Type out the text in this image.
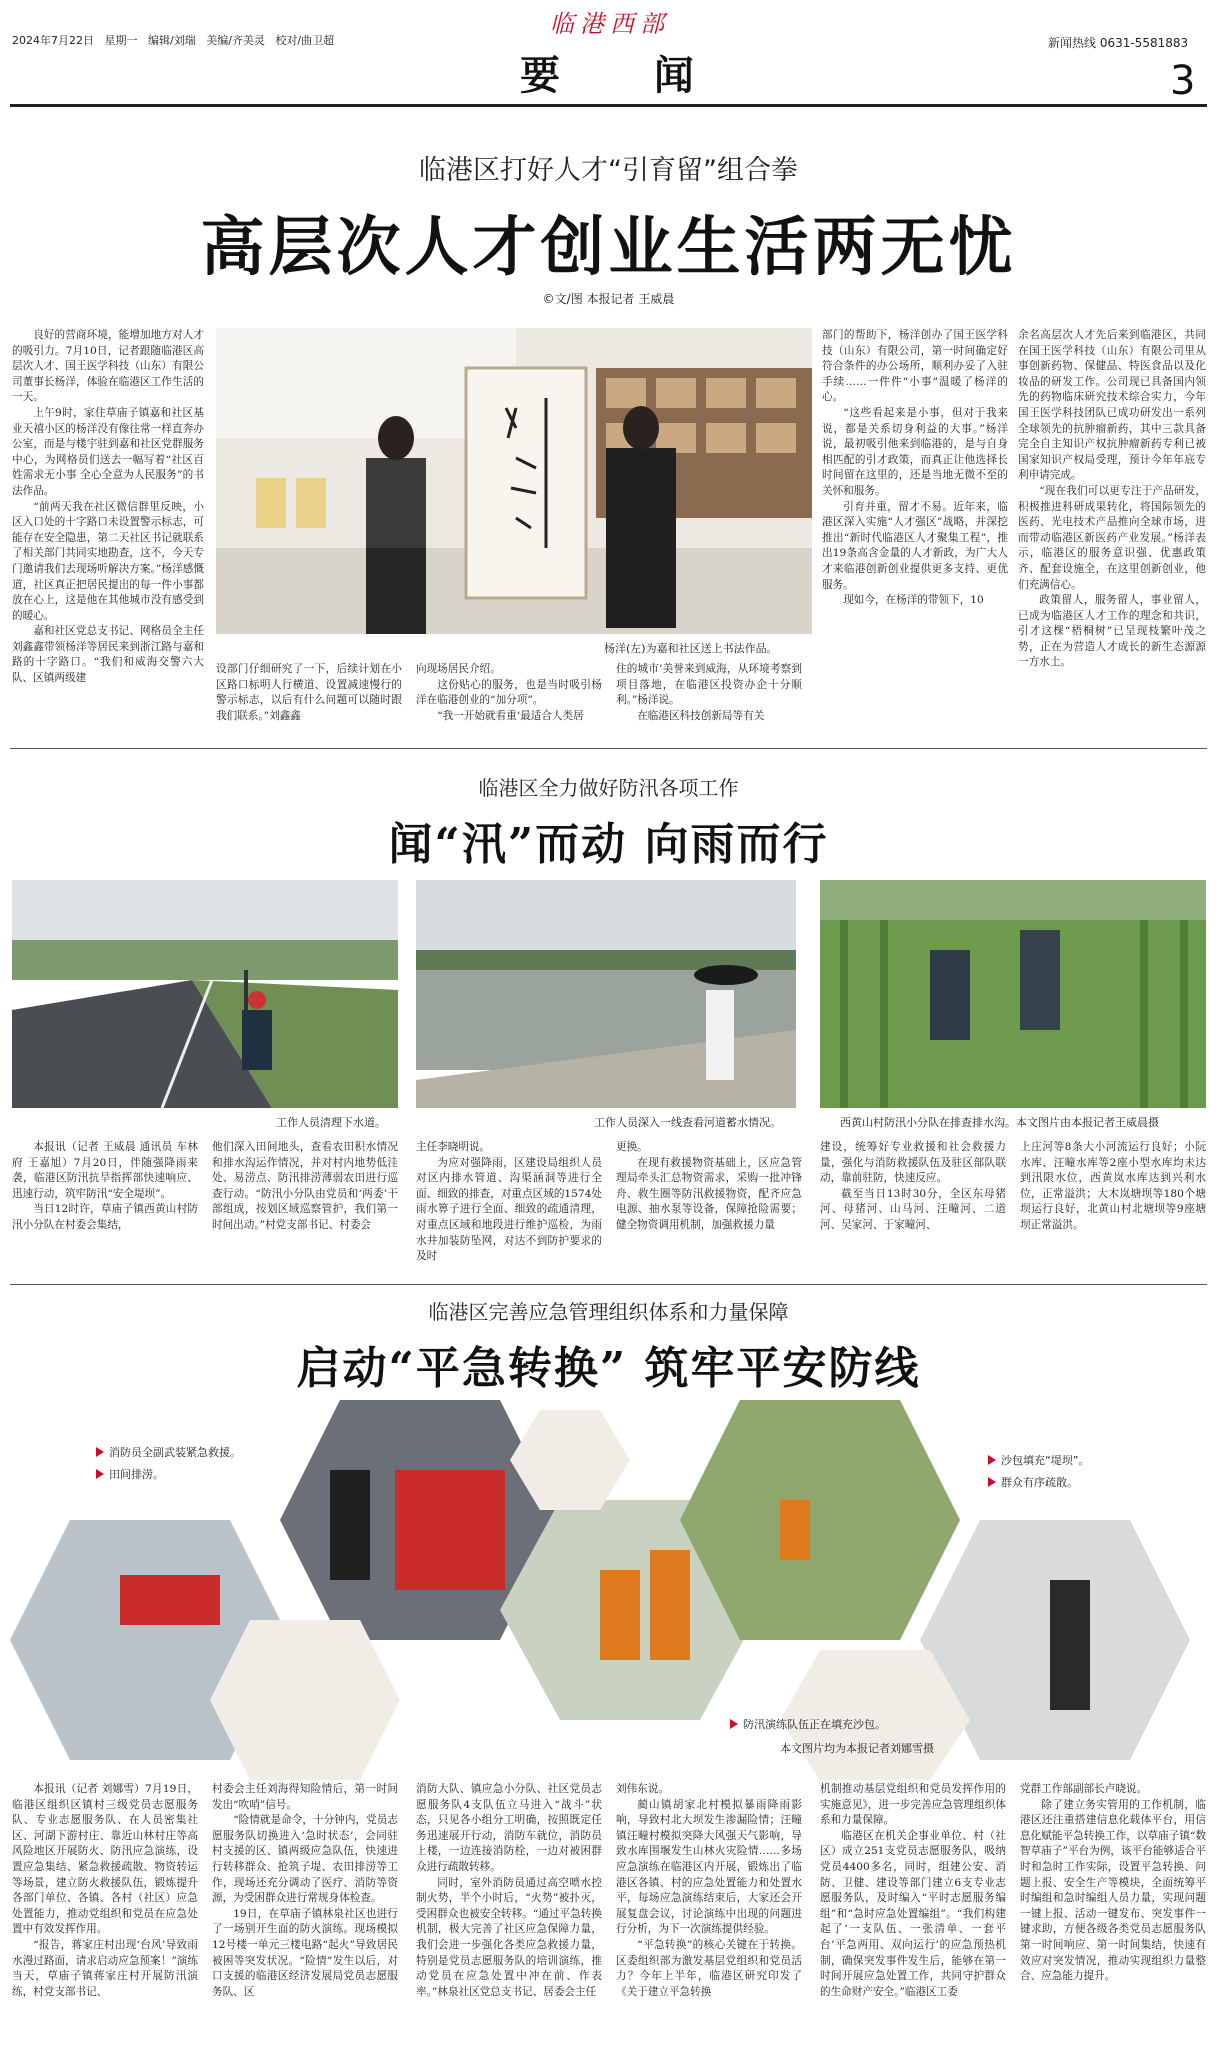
临港西部
2024年7月22日 星期一 编辑/刘瑞 美编/齐美灵 校对/曲卫超
要 闻
新闻热线 0631-5581883
3
临港区打好人才“引育留”组合拳
高层次人才创业生活两无忧
©文/图 本报记者 王威晨

良好的营商环境，能增加地方对人才的吸引力。7月10日，记者跟随临港区高层次人才、国王医学科技（山东）有限公司董事长杨洋，体验在临港区工作生活的一天。

上午9时，家住草庙子镇嘉和社区基业天禧小区的杨洋没有像往常一样直奔办公室，而是与楼宇驻到嘉和社区党群服务中心，为网格员们送去一幅写着“社区百姓需求无小事 全心全意为人民服务”的书法作品。

“前两天我在社区微信群里反映，小区入口处的十字路口未设置警示标志，可能存在安全隐患，第二天社区书记就联系了相关部门共同实地勘查，这不，今天专门邀请我们去现场听解决方案。”杨洋感慨道，社区真正把居民提出的每一件小事都放在心上，这是他在其他城市没有感受到的暖心。

嘉和社区党总支书记、网格员全主任刘鑫鑫带领杨洋等居民来到浙江路与嘉和路的十字路口。“我们和威海交警六大队、区镇两级建

杨洋(左)为嘉和社区送上书法作品。

设部门仔细研究了一下，后续计划在小区路口标明人行横道、设置减速慢行的警示标志，以后有什么问题可以随时跟我们联系。”刘鑫鑫

向现场居民介绍。

这份贴心的服务，也是当时吸引杨洋在临港创业的“加分项”。

“我一开始就看重‘最适合人类居

住的城市’美誉来到威海，从环境考察到项目落地，在临港区投资办企十分顺利。”杨洋说。

在临港区科技创新局等有关

部门的帮助下，杨洋创办了国王医学科技（山东）有限公司，第一时间确定好符合条件的办公场所，顺利办妥了入驻手续……一件件“小事”温暖了杨洋的心。

“这些看起来是小事，但对于我来说，都是关系切身利益的大事。”杨洋说，最初吸引他来到临港的，是与自身相匹配的引才政策，而真正让他选择长时间留在这里的，还是当地无微不至的关怀和服务。

引育并重，留才不易。近年来，临港区深入实施“人才强区”战略，并深挖推出“新时代临港区人才聚集工程”，推出19条高含金量的人才新政，为广大人才来临港创新创业提供更多支持、更优服务。

现如今，在杨洋的带领下，10

余名高层次人才先后来到临港区，共同在国王医学科技（山东）有限公司里从事创新药物、保健品、特医食品以及化妆品的研发工作。公司现已具备国内领先的药物临床研究技术综合实力，今年国王医学科技团队已成功研发出一系列全球领先的抗肿瘤新药，其中三款具备完全自主知识产权抗肿瘤新药专利已被国家知识产权局受理，预计今年年底专利申请完成。

“现在我们可以更专注于产品研发，积极推进科研成果转化，将国际领先的医药、光电技术产品推向全球市场，进而带动临港区新医药产业发展。”杨洋表示，临港区的服务意识强、优惠政策齐、配套设施全，在这里创新创业，他们充满信心。

政策留人，服务留人，事业留人，已成为临港区人才工作的理念和共识，引才这棵“梧桐树”已呈现枝繁叶茂之势，正在为营造人才成长的新生态源源一方水土。

临港区全力做好防汛各项工作
闻“汛”而动 向雨而行
工作人员清理下水道。	工作人员深入一线查看河道蓄水情况。	西黄山村防汛小分队在排查排水沟。本文图片由本报记者王威晨摄

本报讯（记者 王威晨 通讯员 车林府 王嘉旭）7月20日，伴随强降雨来袭，临港区防汛抗旱指挥部快速响应、迅速行动，筑牢防汛“安全堤坝”。

当日12时许，草庙子镇西黄山村防汛小分队在村委会集结，

他们深入田间地头，查看农田积水情况和排水沟运作情况，并对村内地势低洼处、易涝点、防汛排涝薄弱农田进行巡查行动。“防汛小分队由党员和‘两委’干部组成，按划区域巡察管护，我们第一时间出动。”村党支部书记、村委会

主任李晓明说。

为应对强降雨，区建设局组织人员对区内排水管道、沟渠涵洞等进行全面、细致的排查，对重点区域的1574处雨水箅子进行全面、细致的疏通清理，对重点区域和地段进行维护巡检，为雨水井加装防坠网，对达不到防护要求的及时

更换。

在现有救援物资基础上，区应急管理局牵头汇总物资需求，采购一批冲锋舟、救生圈等防汛救援物资，配齐应急电源、抽水泵等设备，保障抢险需要；健全物资调用机制，加强救援力量

建设，统筹好专业救援和社会救援力量，强化与消防救援队伍及驻区部队联动，靠前驻防，快速反应。

截至当日13时30分，全区东母猪河、母猪河、山马河、汪疃河、二道河、吴家河、于家疃河、

上庄河等8条大小河流运行良好；小阮水库、汪疃水库等2座小型水库均未达到汛限水位，西黄岚水库达到兴利水位，正常溢洪；大木岚塘坝等180个塘坝运行良好，北黄山村北塘坝等9座塘坝正常溢洪。

临港区完善应急管理组织体系和力量保障
启动“平急转换” 筑牢平安防线
消防员全副武装紧急救援。
田间排涝。
沙包填充“堤坝”。
群众有序疏散。
防汛演练队伍正在填充沙包。
本文图片均为本报记者刘娜雪摄

本报讯（记者 刘娜雪）7月19日，临港区组织区镇村三级党员志愿服务队、专业志愿服务队、在人员密集社区、河湖下游村庄、靠近山林村庄等高风险地区开展防火、防汛应急演练，设置应急集结、紧急救援疏散、物资转运等场景，建立防火救援队伍，锻炼提升各部门单位、各镇、各村（社区）应急处置能力，推动党组织和党员在应急处置中有效发挥作用。

“报告，蒋家庄村出现‘台风’导致雨水漫过路面，请求启动应急预案！”演练当天，草庙子镇蒋家庄村开展防汛演练，村党支部书记、

村委会主任刘海得知险情后，第一时间发出“吹哨”信号。

“险情就是命令，十分钟内，党员志愿服务队切换进入‘急时状态’，会同驻村支援的区、镇两级应急队伍，快速进行转移群众、抢筑子堤、农田排涝等工作，现场还充分调动了医疗、消防等资源，为受困群众进行常规身体检查。

19日，在草庙子镇林泉社区也进行了一场别开生面的防火演练。现场模拟12号楼一单元三楼电路“起火”导致居民被困等突发状况。“险情”发生以后，对口支援的临港区经济发展局党员志愿服务队、区

消防大队、镇应急小分队、社区党员志愿服务队4支队伍立马进入“战斗”状态，只见各小组分工明确，按照既定任务迅速展开行动，消防车就位，消防员上楼，一边连接消防栓，一边对被困群众进行疏散转移。

同时，室外消防员通过高空喷水控制火势，半个小时后，“火势”被扑灭，受困群众也被安全转移。“通过平急转换机制，极大完善了社区应急保障力量，我们会进一步强化各类应急救援力量，特别是党员志愿服务队的培训演练，推动党员在应急处置中冲在前、作表率。”林泉社区党总支书记、居委会主任

刘伟东说。

蔺山镇胡家北村模拟暴雨降雨影响，导致村北大坝发生渗漏险情；汪疃镇汪疃村模拟突降大风强天气影响，导致水库围堰发生山林火灾险情……多场应急演练在临港区内开展，锻炼出了临港区各镇、村的应急处置能力和处置水平，每场应急演练结束后，大家还会开展复盘会议，讨论演练中出现的问题进行分析，为下一次演练提供经验。

“平急转换”的核心关键在于转换。区委组织部为激发基层党组织和党员活力？今年上半年，临港区研究印发了《关于建立平急转换

机制推动基层党组织和党员发挥作用的实施意见》，进一步完善应急管理组织体系和力量保障。

临港区在机关企事业单位、村（社区）成立251支党员志愿服务队，吸纳党员4400多名，同时，组建公安、消防、卫健、建设等部门建立6支专业志愿服务队，及时编入“平时志愿服务编组”和“急时应急处置编组”。“我们构建起了‘一支队伍、一张清单、一套平台’平急两用、双向运行’的应急预热机制，确保突发事件发生后，能够在第一时间开展应急处置工作，共同守护群众的生命财产安全。”临港区工委

党群工作部副部长卢晓说。

除了建立务实管用的工作机制，临港区还注重搭建信息化载体平台，用信息化赋能平急转换工作，以草庙子镇“数智草庙子”平台为例，该平台能够适合平时和急时工作实际，设置平急转换、问题上报、安全生产等模块，全面统筹平时编组和急时编组人员力量，实现问题一键上报、活动一键发布、突发事件一键求助，方便各级各类党员志愿服务队第一时间响应、第一时间集结，快速有效应对突发情况，推动实现组织力量整合、应急能力提升。
